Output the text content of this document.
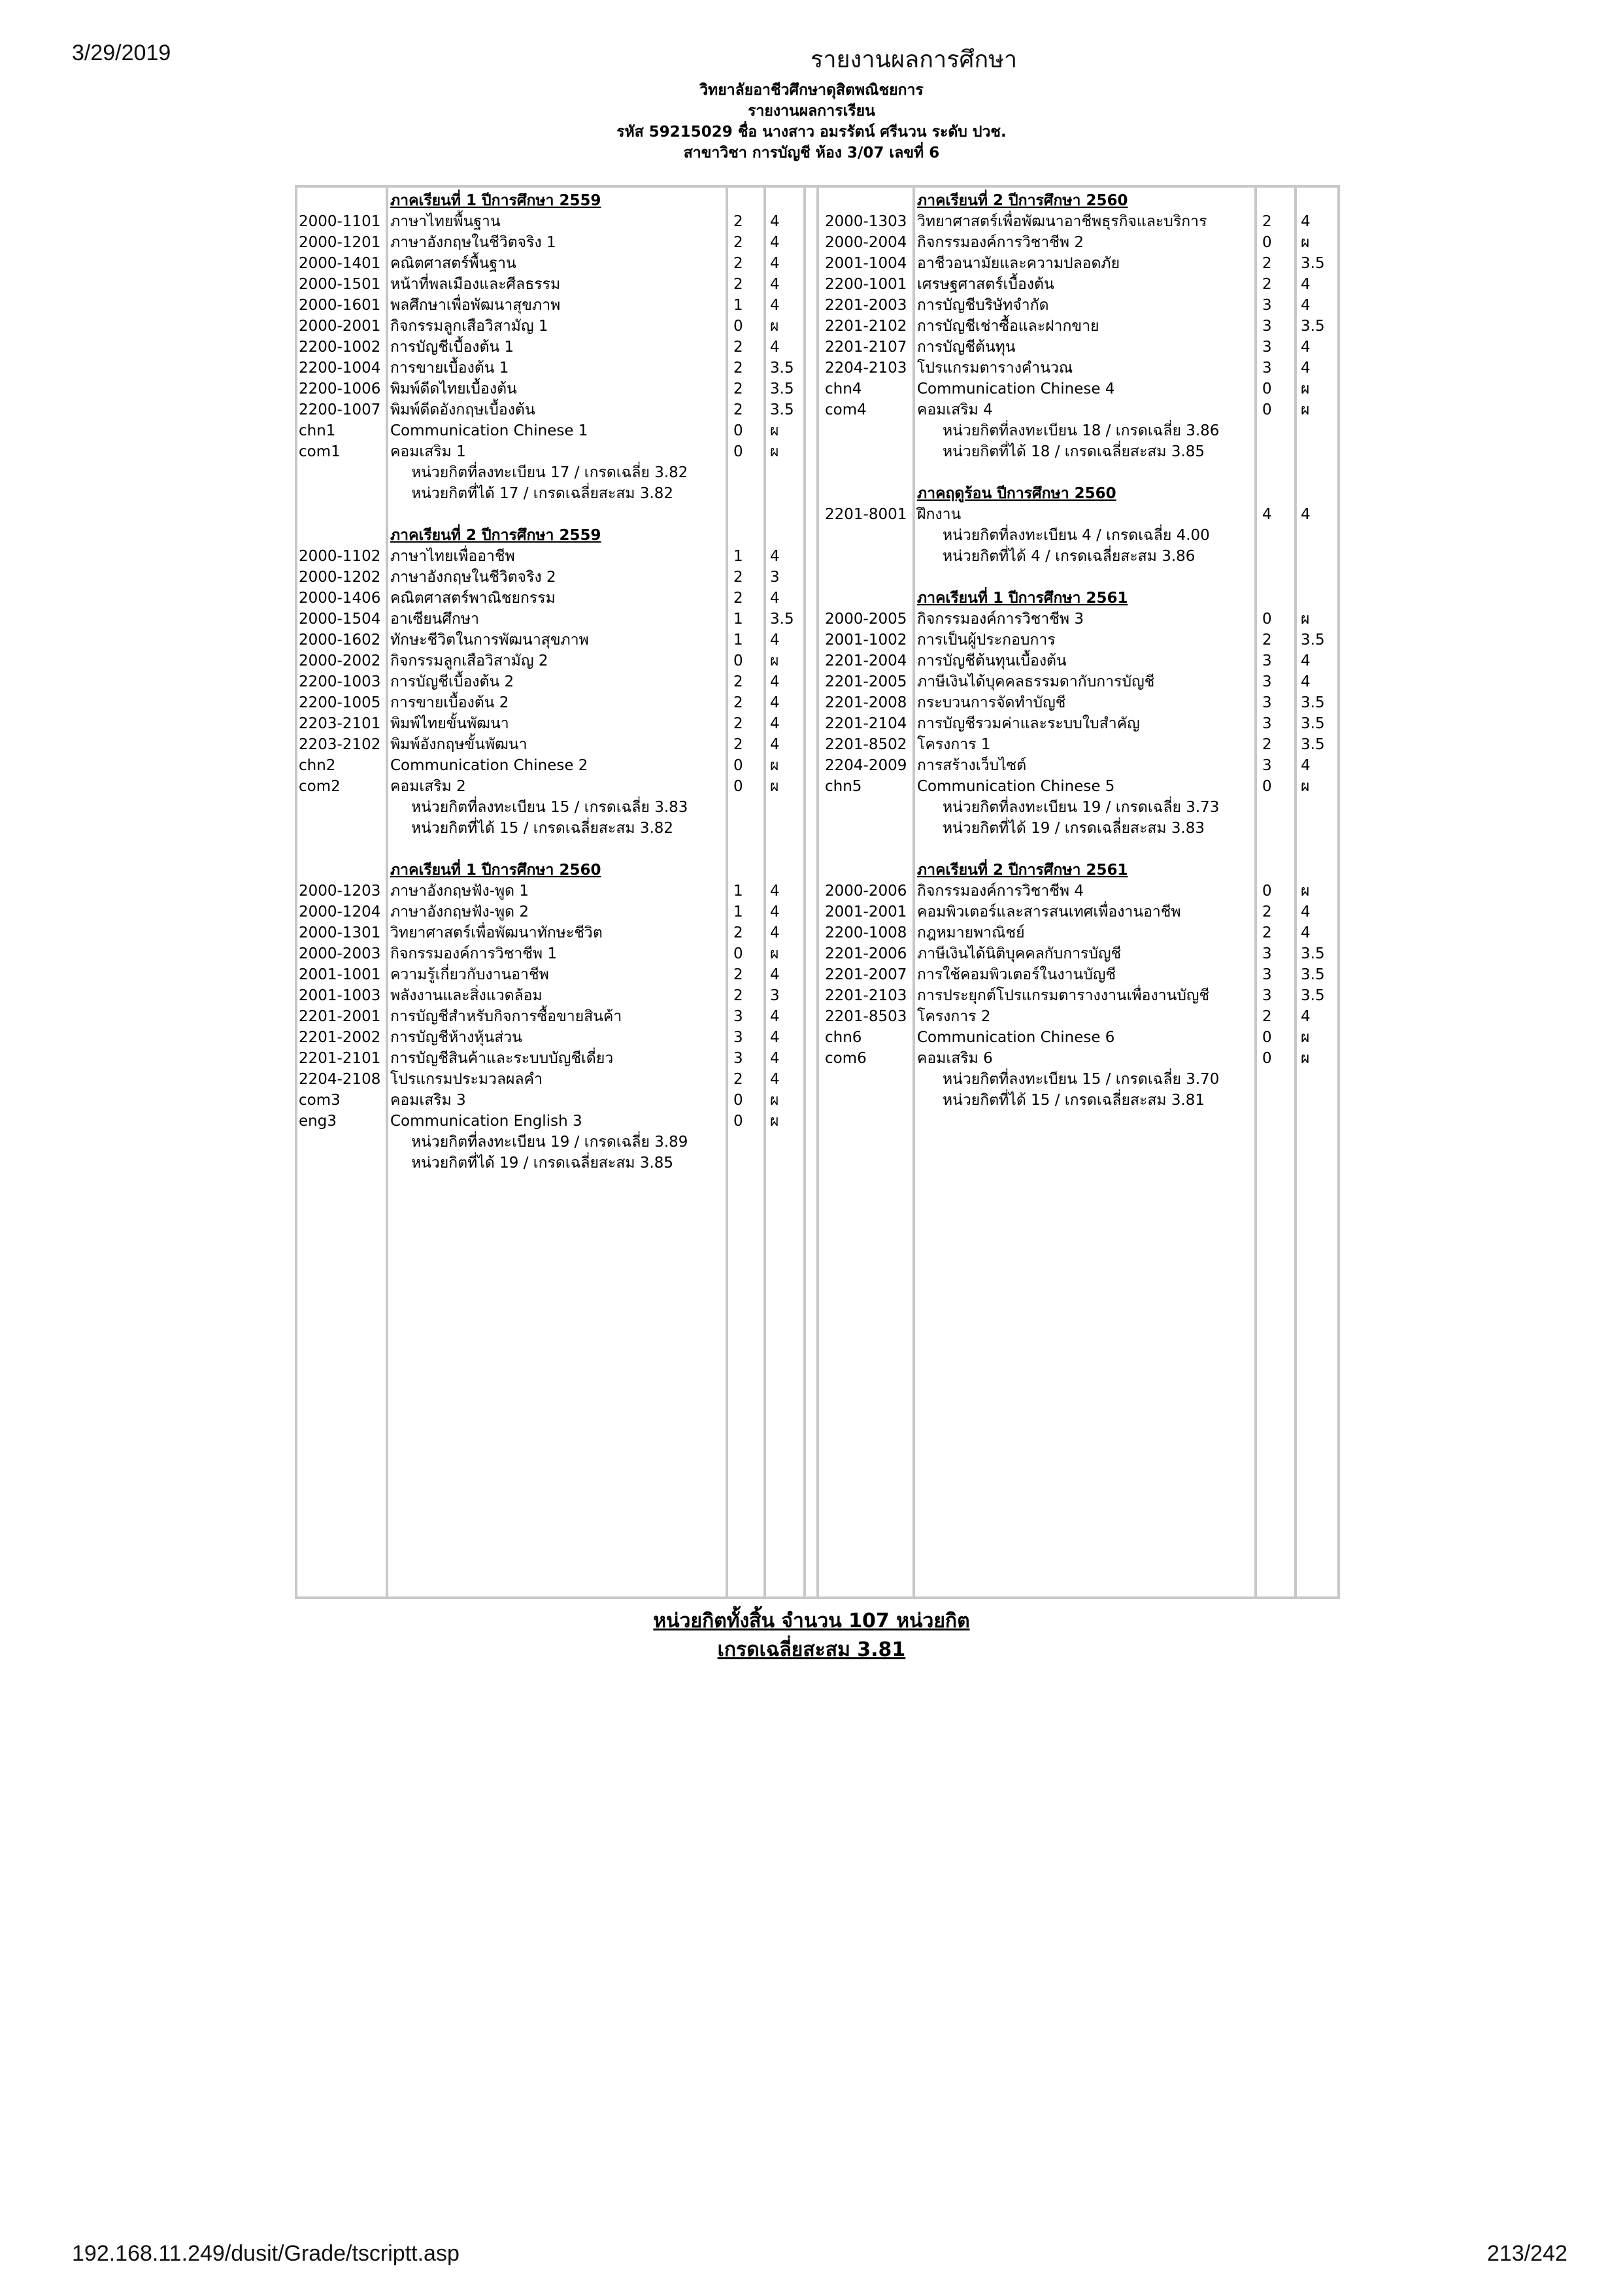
3/29/2019	รายงานผลการศึกษา
วิทยาลัยอาชีวศึกษาดุสิตพณิชยการ
รายงานผลการเรียน
รหัส 59215029 ชื่อ นางสาว อมรรัตน์ ศรีนวน ระดับ ปวช.
สาขาวิชา การบัญชี ห้อง 3/07 เลขที่ 6
ภาคเรียนที่ 1 ปีการศึกษา 2559
2000-1101 ภาษาไทยพื้นฐาน	2 4
2000-1201 ภาษาอังกฤษในชีวิตจริง 1	2 4
2000-1401 คณิตศาสตร์พื้นฐาน	2 4
2000-1501 หน้าที่พลเมืองและศีลธรรม	2 4
2000-1601 พลศึกษาเพื่อพัฒนาสุขภาพ	1 4
2000-2001 กิจกรรมลูกเสือวิสามัญ 1	0 ผ
2200-1002 การบัญชีเบื้องต้น 1	2 4
2200-1004 การขายเบื้องต้น 1	2 3.5
2200-1006 พิมพ์ดีดไทยเบื้องต้น	2 3.5
2200-1007 พิมพ์ดีดอังกฤษเบื้องต้น	2 3.5
chn1	Communication Chinese 1	0 ผ
com1	คอมเสริม 1	0 ผ
หน่วยกิตที่ลงทะเบียน 17 / เกรดเฉลี่ย 3.82
หน่วยกิตที่ได้ 17 / เกรดเฉลี่ยสะสม 3.82
ภาคเรียนที่ 2 ปีการศึกษา 2559
2000-1102 ภาษาไทยเพื่ออาชีพ	1 4
2000-1202 ภาษาอังกฤษในชีวิตจริง 2	2 3
2000-1406 คณิตศาสตร์พาณิชยกรรม	2 4
2000-1504 อาเซียนศึกษา	1 3.5
2000-1602 ทักษะชีวิตในการพัฒนาสุขภาพ	1 4
2000-2002 กิจกรรมลูกเสือวิสามัญ 2	0 ผ
2200-1003 การบัญชีเบื้องต้น 2	2 4
2200-1005 การขายเบื้องต้น 2	2 4
2203-2101 พิมพ์ไทยขั้นพัฒนา	2 4
2203-2102 พิมพ์อังกฤษขั้นพัฒนา	2 4
chn2	Communication Chinese 2	0 ผ
com2	คอมเสริม 2	0 ผ
หน่วยกิตที่ลงทะเบียน 15 / เกรดเฉลี่ย 3.83
หน่วยกิตที่ได้ 15 / เกรดเฉลี่ยสะสม 3.82
ภาคเรียนที่ 1 ปีการศึกษา 2560
2000-1203 ภาษาอังกฤษฟัง-พูด 1	1 4
2000-1204 ภาษาอังกฤษฟัง-พูด 2	1 4
2000-1301 วิทยาศาสตร์เพื่อพัฒนาทักษะชีวิต	2 4
2000-2003 กิจกรรมองค์การวิชาชีพ 1	0 ผ
2001-1001 ความรู้เกี่ยวกับงานอาชีพ	2 4
2001-1003 พลังงานและสิ่งแวดล้อม	2 3
2201-2001 การบัญชีสำหรับกิจการซื้อขายสินค้า	3 4
2201-2002 การบัญชีห้างหุ้นส่วน	3 4
2201-2101 การบัญชีสินค้าและระบบบัญชีเดี่ยว	3 4
2204-2108 โปรแกรมประมวลผลคำ	2 4
com3	คอมเสริม 3	0 ผ
eng3	Communication English 3	0 ผ
หน่วยกิตที่ลงทะเบียน 19 / เกรดเฉลี่ย 3.89
หน่วยกิตที่ได้ 19 / เกรดเฉลี่ยสะสม 3.85
ภาคเรียนที่ 2 ปีการศึกษา 2560
2000-1303 วิทยาศาสตร์เพื่อพัฒนาอาชีพธุรกิจและบริการ	2 4
2000-2004 กิจกรรมองค์การวิชาชีพ 2	0 ผ
2001-1004 อาชีวอนามัยและความปลอดภัย	2 3.5
2200-1001 เศรษฐศาสตร์เบื้องต้น	2 4
2201-2003 การบัญชีบริษัทจำกัด	3 4
2201-2102 การบัญชีเช่าซื้อและฝากขาย	3 3.5
2201-2107 การบัญชีต้นทุน	3 4
2204-2103 โปรแกรมตารางคำนวณ	3 4
chn4	Communication Chinese 4	0 ผ
com4	คอมเสริม 4	0 ผ
หน่วยกิตที่ลงทะเบียน 18 / เกรดเฉลี่ย 3.86
หน่วยกิตที่ได้ 18 / เกรดเฉลี่ยสะสม 3.85
ภาคฤดูร้อน ปีการศึกษา 2560
2201-8001 ฝึกงาน	4 4
หน่วยกิตที่ลงทะเบียน 4 / เกรดเฉลี่ย 4.00
หน่วยกิตที่ได้ 4 / เกรดเฉลี่ยสะสม 3.86
ภาคเรียนที่ 1 ปีการศึกษา 2561
2000-2005 กิจกรรมองค์การวิชาชีพ 3	0 ผ
2001-1002 การเป็นผู้ประกอบการ	2 3.5
2201-2004 การบัญชีต้นทุนเบื้องต้น	3 4
2201-2005 ภาษีเงินได้บุคคลธรรมดากับการบัญชี	3 4
2201-2008 กระบวนการจัดทำบัญชี	3 3.5
2201-2104 การบัญชีรวมค่าและระบบใบสำคัญ	3 3.5
2201-8502 โครงการ 1	2 3.5
2204-2009 การสร้างเว็บไซต์	3 4
chn5	Communication Chinese 5	0 ผ
หน่วยกิตที่ลงทะเบียน 19 / เกรดเฉลี่ย 3.73
หน่วยกิตที่ได้ 19 / เกรดเฉลี่ยสะสม 3.83
ภาคเรียนที่ 2 ปีการศึกษา 2561
2000-2006 กิจกรรมองค์การวิชาชีพ 4	0 ผ
2001-2001 คอมพิวเตอร์และสารสนเทศเพื่องานอาชีพ	2 4
2200-1008 กฎหมายพาณิชย์	2 4
2201-2006 ภาษีเงินได้นิติบุคคลกับการบัญชี	3 3.5
2201-2007 การใช้คอมพิวเตอร์ในงานบัญชี	3 3.5
2201-2103 การประยุกต์โปรแกรมตารางงานเพื่องานบัญชี	3 3.5
2201-8503 โครงการ 2	2 4
chn6	Communication Chinese 6	0 ผ
com6	คอมเสริม 6	0 ผ
หน่วยกิตที่ลงทะเบียน 15 / เกรดเฉลี่ย 3.70
หน่วยกิตที่ได้ 15 / เกรดเฉลี่ยสะสม 3.81
หน่วยกิตทั้งสิ้น จำนวน 107 หน่วยกิต
เกรดเฉลี่ยสะสม 3.81
192.168.11.249/dusit/Grade/tscriptt.asp	213/242
